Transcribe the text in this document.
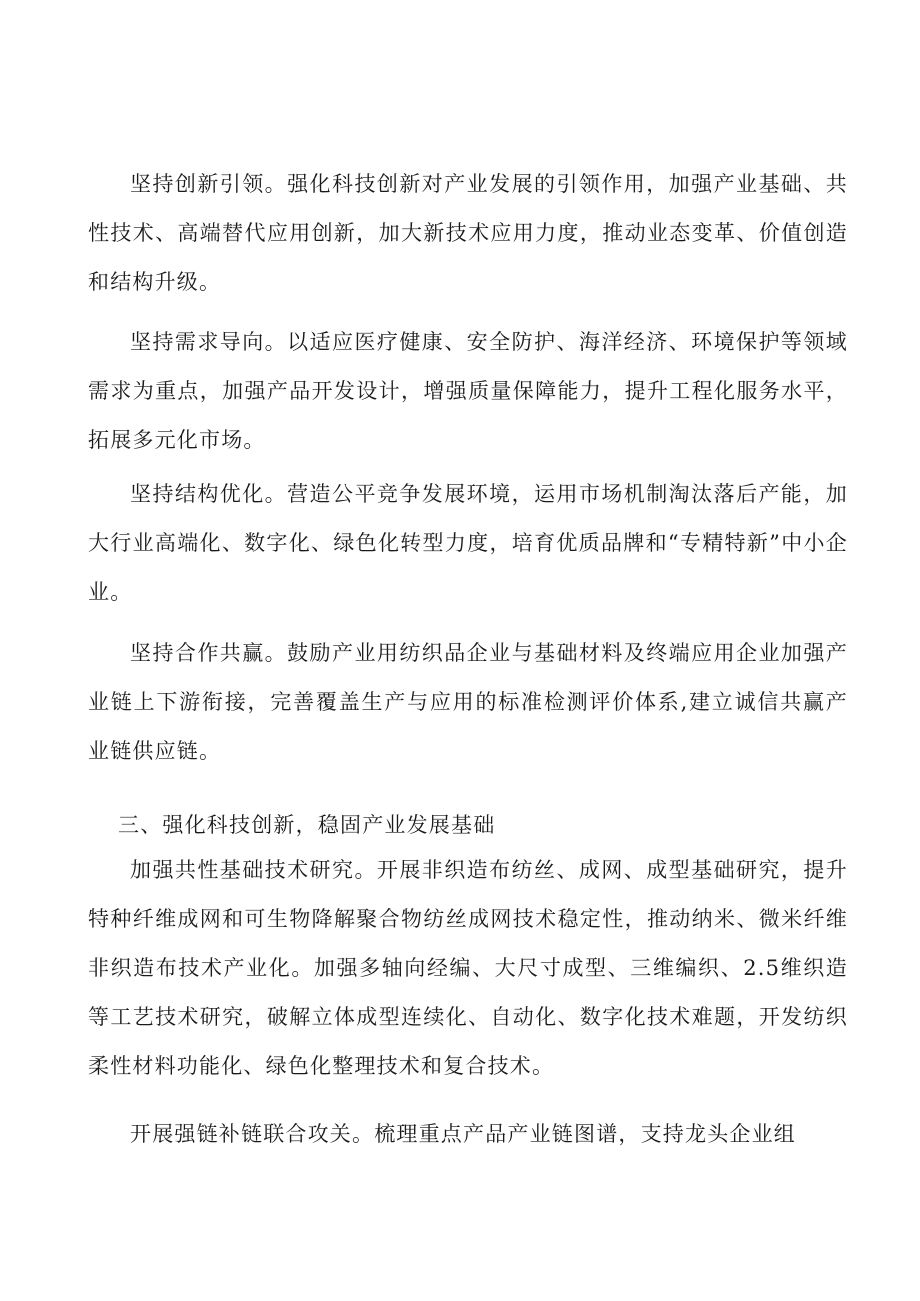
坚持创新引领。强化科技创新对产业发展的引领作用，加强产业基础、共性技术、高端替代应用创新，加大新技术应用力度，推动业态变革、价值创造和结构升级。

坚持需求导向。以适应医疗健康、安全防护、海洋经济、环境保护等领域需求为重点，加强产品开发设计，增强质量保障能力，提升工程化服务水平，拓展多元化市场。

坚持结构优化。营造公平竞争发展环境，运用市场机制淘汰落后产能，加大行业高端化、数字化、绿色化转型力度，培育优质品牌和“专精特新”中小企业。

坚持合作共赢。鼓励产业用纺织品企业与基础材料及终端应用企业加强产业链上下游衔接，完善覆盖生产与应用的标准检测评价体系,建立诚信共赢产业链供应链。

三、强化科技创新，稳固产业发展基础

加强共性基础技术研究。开展非织造布纺丝、成网、成型基础研究，提升特种纤维成网和可生物降解聚合物纺丝成网技术稳定性，推动纳米、微米纤维非织造布技术产业化。加强多轴向经编、大尺寸成型、三维编织、2.5维织造等工艺技术研究，破解立体成型连续化、自动化、数字化技术难题，开发纺织柔性材料功能化、绿色化整理技术和复合技术。

开展强链补链联合攻关。梳理重点产品产业链图谱，支持龙头企业组
